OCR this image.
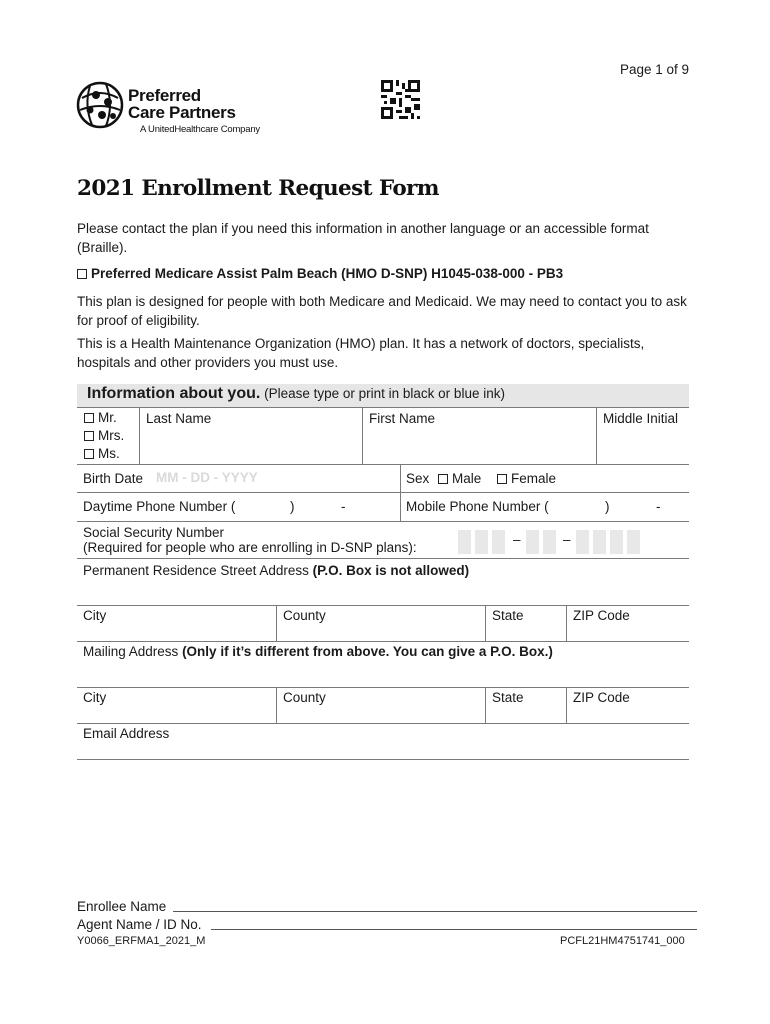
Page 1 of 9
Preferred
Care Partners
A UnitedHealthcare Company
2021 Enrollment Request Form
Please contact the plan if you need this information in another language or an accessible format (Braille).
Preferred Medicare Assist Palm Beach (HMO D-SNP) H1045-038-000 - PB3
This plan is designed for people with both Medicare and Medicaid. We may need to contact you to ask for proof of eligibility.
This is a Health Maintenance Organization (HMO) plan. It has a network of doctors, specialists, hospitals and other providers you must use.
Information about you. (Please type or print in black or blue ink)
Mr.
Mrs.
Ms.
Last Name	First Name	Middle Initial
Birth Date MM - DD - YYYY	Sex	Male	Female
Daytime Phone Number (	)	-	Mobile Phone Number (	)	-
Social Security Number
(Required for people who are enrolling in D-SNP plans):
–	–
Permanent Residence Street Address (P.O. Box is not allowed)
City	County	State	ZIP Code
Mailing Address (Only if it’s different from above. You can give a P.O. Box.)
City	County	State	ZIP Code
Email Address
Enrollee Name
Agent Name / ID No.
Y0066_ERFMA1_2021_M	PCFL21HM4751741_000
